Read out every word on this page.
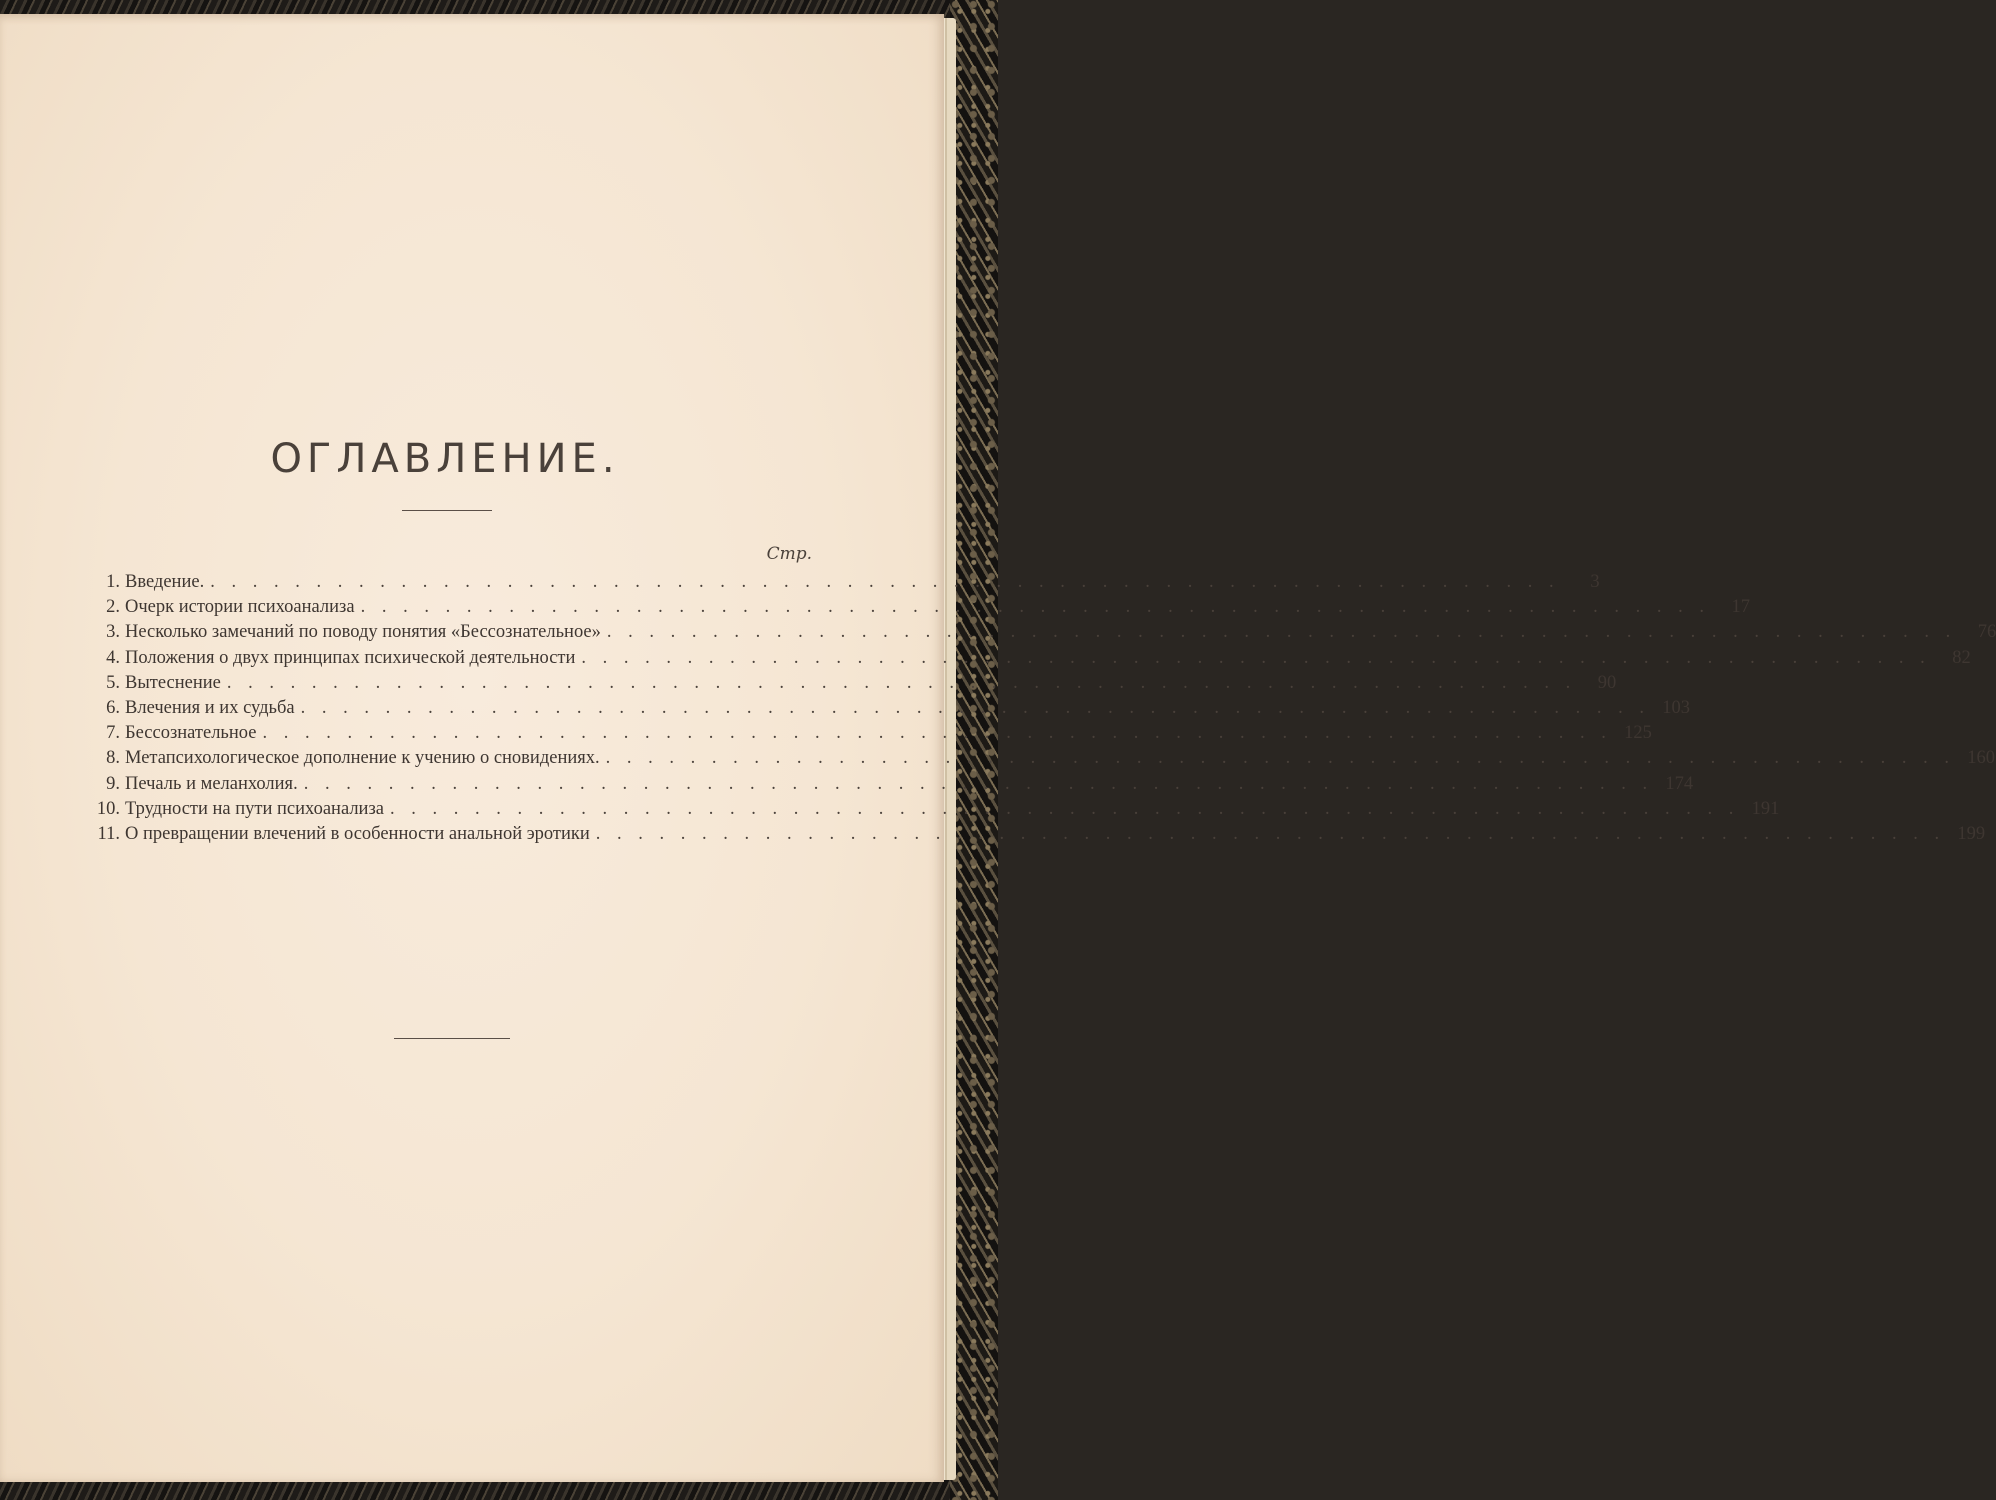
ОГЛАВЛЕНИЕ.
Стр.
1. Введение. . . .	3
2. Очерк истории психоанализа . . .	17
3. Несколько замечаний по поводу понятия «Бессознательное» . . .	76
4. Положения о двух принципах психической деятельности . . .	82
5. Вытеснение . . .	90
6. Влечения и их судьба . . .	103
7. Бессознательное . . .	125
8. Метапсихологическое дополнение к учению о сновидениях. . . .	160
9. Печаль и меланхолия. . . .	174
10. Трудности на пути психоанализа . . .	191
11. О превращении влечений в особенности анальной эротики . . .	199
